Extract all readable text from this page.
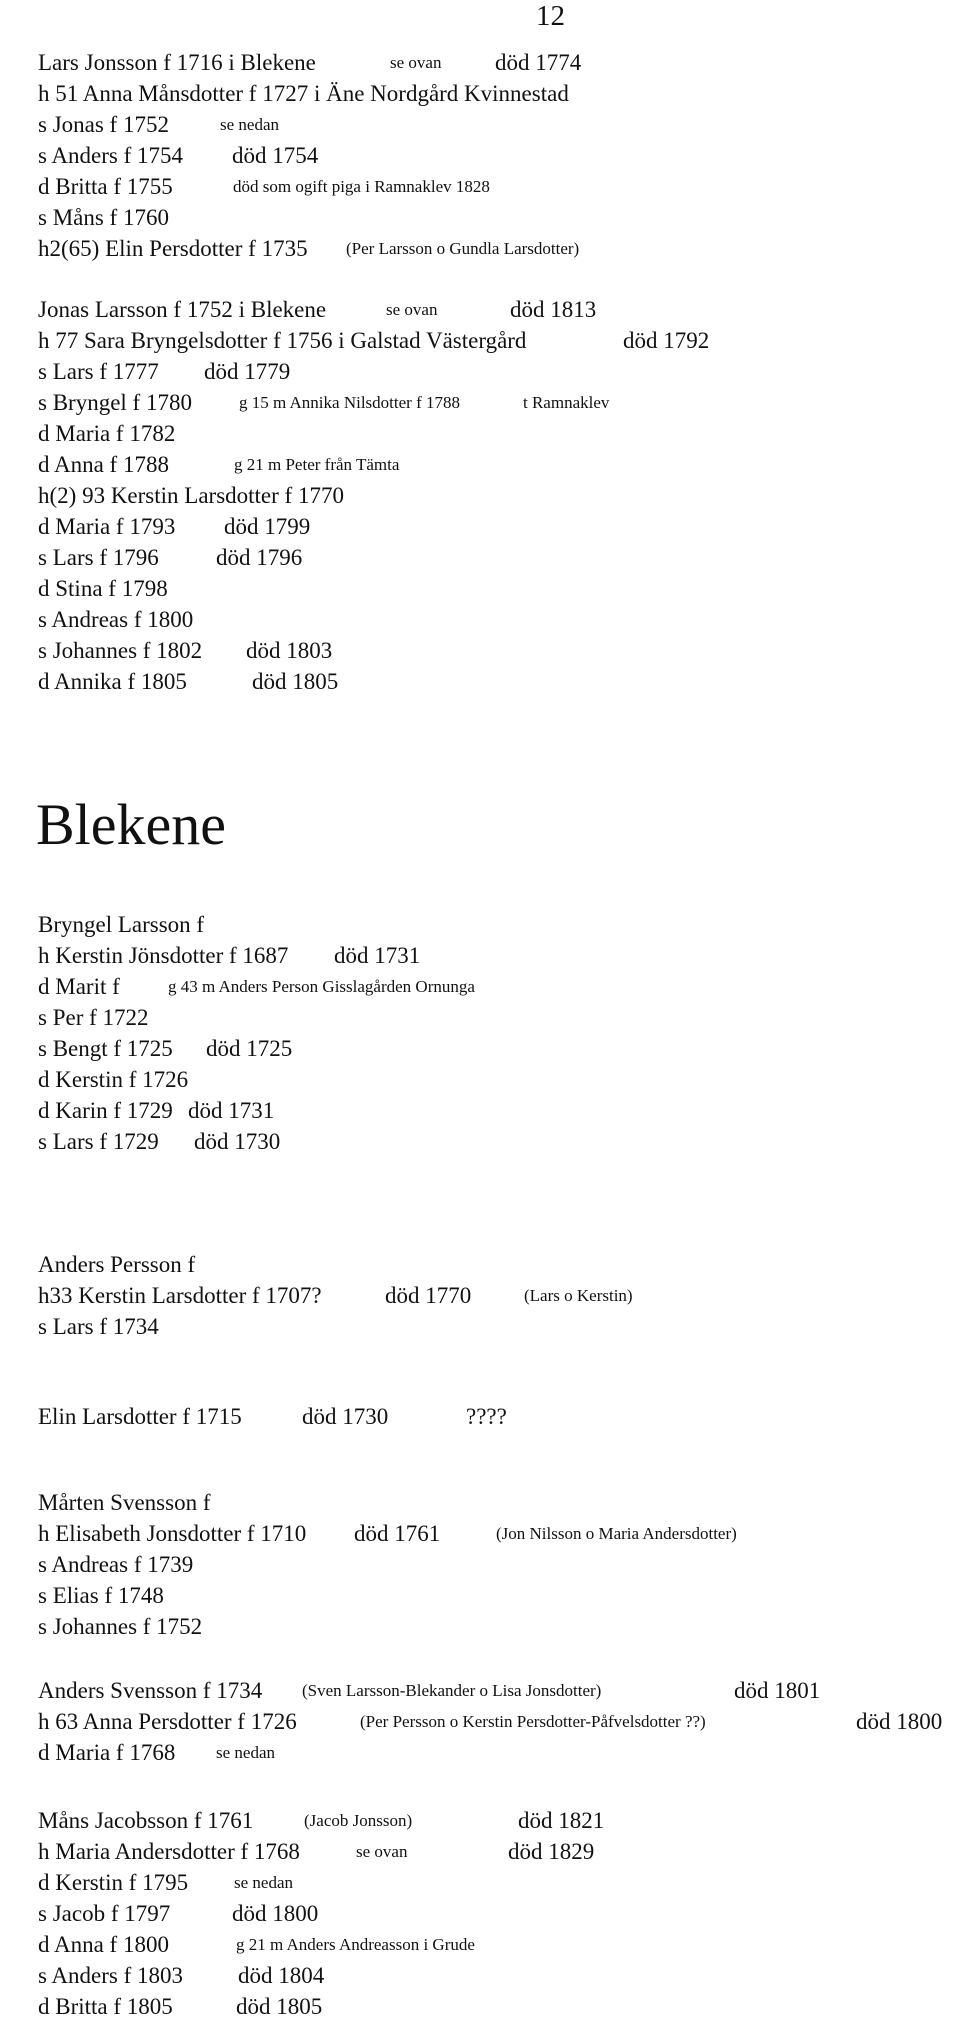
12
Lars Jonsson f 1716 i Blekene	se ovan död 1774
h 51 Anna Månsdotter f 1727 i Äne Nordgård Kvinnestad
s Jonas f 1752	se nedan
s Anders f 1754 död 1754
d Britta f 1755	död som ogift piga i Ramnaklev 1828
s Måns f 1760
h2(65) Elin Persdotter f 1735 (Per Larsson o Gundla Larsdotter)
Jonas Larsson f 1752 i Blekene	se ovan	död 1813
h 77 Sara Bryngelsdotter f 1756 i Galstad Västergård	död 1792
s Lars f 1777 död 1779
s Bryngel f 1780	g 15 m Annika Nilsdotter f 1788	t Ramnaklev
d Maria f 1782
d Anna f 1788	g 21 m Peter från Tämta
h(2) 93 Kerstin Larsdotter f 1770
d Maria f 1793 död 1799
s Lars f 1796 död 1796
d Stina f 1798
s Andreas f 1800
s Johannes f 1802 död 1803
d Annika f 1805	död 1805
Blekene
Bryngel Larsson f
h Kerstin Jönsdotter f 1687 död 1731
d Marit f	g 43 m Anders Person Gisslagården Ornunga
s Per f 1722
s Bengt f 1725 död 1725
d Kerstin f 1726
d Karin f 1729 död 1731
s Lars f 1729 död 1730
Anders Persson f
h33 Kerstin Larsdotter f 1707?	död 1770	(Lars o Kerstin)
s Lars f 1734
Elin Larsdotter f 1715	död 1730	????
Mårten Svensson f
h Elisabeth Jonsdotter f 1710 död 1761	(Jon Nilsson o Maria Andersdotter)
s Andreas f 1739
s Elias f 1748
s Johannes f 1752
Anders Svensson f 1734 (Sven Larsson-Blekander o Lisa Jonsdotter)	död 1801
h 63 Anna Persdotter f 1726	(Per Persson o Kerstin Persdotter-Påfvelsdotter ??)	död 1800
d Maria f 1768 se nedan
Måns Jacobsson f 1761	(Jacob Jonsson)	död 1821
h Maria Andersdotter f 1768	se ovan	död 1829
d Kerstin f 1795	se nedan
s Jacob f 1797	död 1800
d Anna f 1800	g 21 m Anders Andreasson i Grude
s Anders f 1803 död 1804
d Britta f 1805	död 1805
